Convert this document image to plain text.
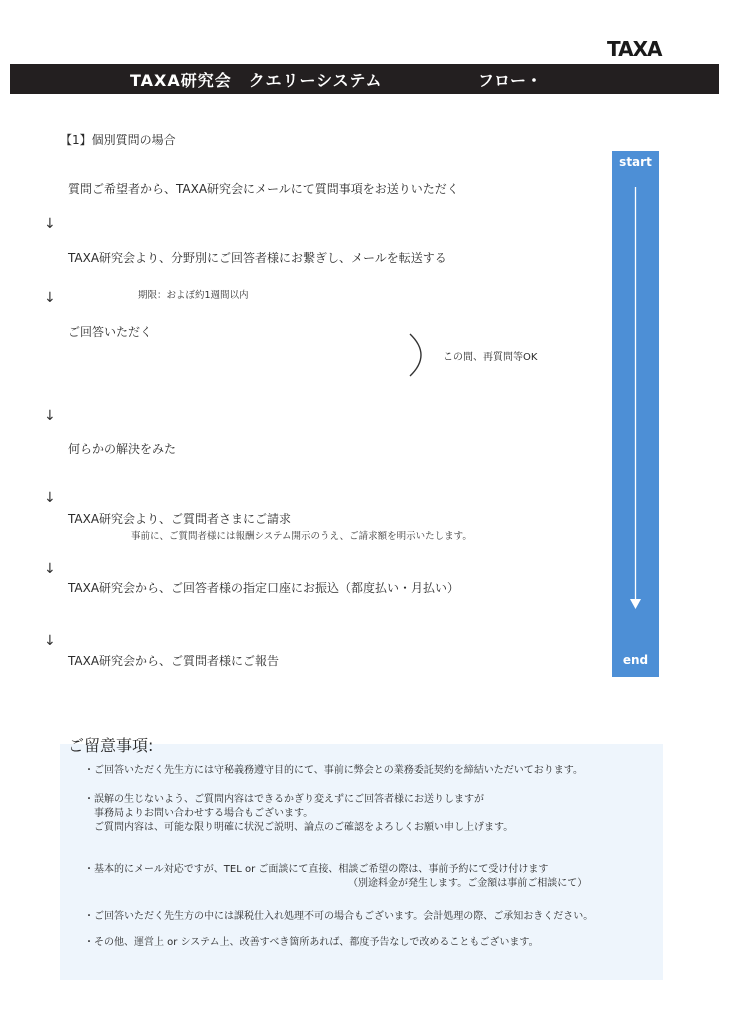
TAXA
TAXA研究会　クエリーシステム	フロー・
【1】個別質問の場合
質問ご希望者から、TAXA研究会にメールにて質問事項をお送りいただく
↓
TAXA研究会より、分野別にご回答者様にお繋ぎし、メールを転送する
↓	期限：およぼ約1週間以内
ご回答いただく
この間、再質問等OK
↓
何らかの解決をみた
↓
TAXA研究会より、ご質問者さまにご請求
事前に、ご質問者様には報酬システム開示のうえ、ご請求額を明示いたします。
↓
TAXA研究会から、ご回答者様の指定口座にお振込（都度払い・月払い）
↓
TAXA研究会から、ご質問者様にご報告
start
end
・ご回答いただく先生方には守秘義務遵守目的にて、事前に弊会との業務委託契約を締結いただいております。
・誤解の生じないよう、ご質問内容はできるかぎり変えずにご回答者様にお送りしますが
　事務局よりお問い合わせする場合もございます。
　ご質問内容は、可能な限り明確に状況ご説明、論点のご確認をよろしくお願い申し上げます。
・基本的にメール対応ですが、TEL or ご面談にて直接、相談ご希望の際は、事前予約にて受け付けます
（別途料金が発生します。ご金額は事前ご相談にて）
・ご回答いただく先生方の中には課税仕入れ処理不可の場合もございます。会計処理の際、ご承知おきください。
・その他、運営上 or システム上、改善すべき箇所あれば、都度予告なしで改めることもございます。
ご留意事項:
